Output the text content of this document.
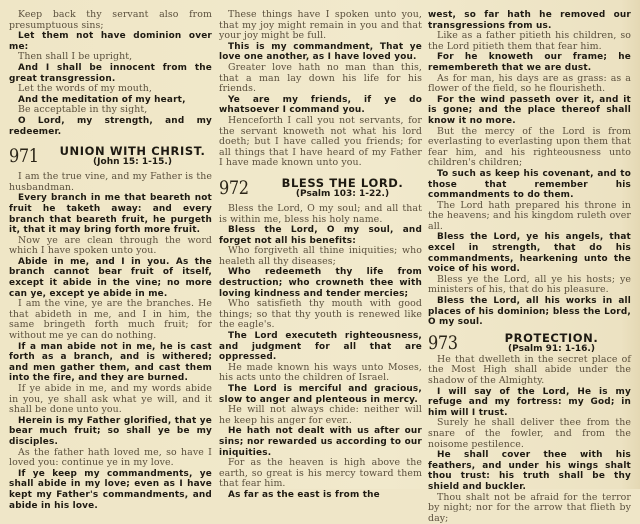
Keep back thy servant also from presumptuous sins;

Let them not have dominion over me:

Then shall I be upright,

And I shall be innocent from the great transgression.

Let the words of my mouth,

And the meditation of my heart,

Be acceptable in thy sight,

O Lord, my strength, and my redeemer.

971	UNION WITH CHRIST.
(John 15: 1-15.)

I am the true vine, and my Father is the husbandman.

Every branch in me that beareth not fruit he taketh away: and every branch that beareth fruit, he purgeth it, that it may bring forth more fruit.

Now ye are clean through the word which I have spoken unto you.

Abide in me, and I in you. As the branch cannot bear fruit of itself, except it abide in the vine; no more can ye, except ye abide in me.

I am the vine, ye are the branches. He that abideth in me, and I in him, the same bringeth forth much fruit; for without me ye can do nothing.

If a man abide not in me, he is cast forth as a branch, and is withered; and men gather them, and cast them into the fire, and they are burned.

If ye abide in me, and my words abide in you, ye shall ask what ye will, and it shall be done unto you.

Herein is my Father glorified, that ye bear much fruit; so shall ye be my disciples.

As the father hath loved me, so have I loved you: continue ye in my love.

If ye keep my commandments, ye shall abide in my love; even as I have kept my Father's commandments, and abide in his love.

These things have I spoken unto you, that my joy might remain in you and that your joy might be full.

This is my commandment, That ye love one another, as I have loved you.

Greater love hath no man than this, that a man lay down his life for his friends.

Ye are my friends, if ye do whatsoever I command you.

Henceforth I call you not servants, for the servant knoweth not what his lord doeth; but I have called you friends; for all things that I have heard of my Father I have made known unto you.

972	BLESS THE LORD.
(Psalm 103: 1-22.)

Bless the Lord, O my soul; and all that is within me, bless his holy name.

Bless the Lord, O my soul, and forget not all his benefits:

Who forgiveth all thine iniquities; who healeth all thy diseases;

Who redeemeth thy life from destruction; who crowneth thee with loving kindness and tender mercies;

Who satisfieth thy mouth with good things; so that thy youth is renewed like the eagle's.

The Lord executeth righteousness, and judgment for all that are oppressed.

He made known his ways unto Moses, his acts unto the children of Israel.

The Lord is merciful and gracious, slow to anger and plenteous in mercy.

He will not always chide: neither will he keep his anger for ever..

He hath not dealt with us after our sins; nor rewarded us according to our iniquities.

For as the heaven is high above the earth, so great is his mercy toward them that fear him.

As far as the east is from the

west, so far hath he removed our transgressions from us.

Like as a father pitieth his children, so the Lord pitieth them that fear him.

For he knoweth our frame; he remembereth that we are dust.

As for man, his days are as grass: as a flower of the field, so he flourisheth.

For the wind passeth over it, and it is gone; and the place thereof shall know it no more.

But the mercy of the Lord is from everlasting to everlasting upon them that fear him, and his righteousness unto children's children;

To such as keep his covenant, and to those that remember his commandments to do them.

The Lord hath prepared his throne in the heavens; and his kingdom ruleth over all.

Bless the Lord, ye his angels, that excel in strength, that do his commandments, hearkening unto the voice of his word.

Bless ye the Lord, all ye his hosts; ye ministers of his, that do his pleasure.

Bless the Lord, all his works in all places of his dominion; bless the Lord, O my soul.

973	PROTECTION.
(Psalm 91: 1-16.)

He that dwelleth in the secret place of the Most High shall abide under the shadow of the Almighty.

I will say of the Lord, He is my refuge and my fortress: my God; in him will I trust.

Surely he shall deliver thee from the snare of the fowler, and from the noisome pestilence.

He shall cover thee with his feathers, and under his wings shalt thou trust: his truth shall be thy shield and buckler.

Thou shalt not be afraid for the terror by night; nor for the arrow that flieth by day;
